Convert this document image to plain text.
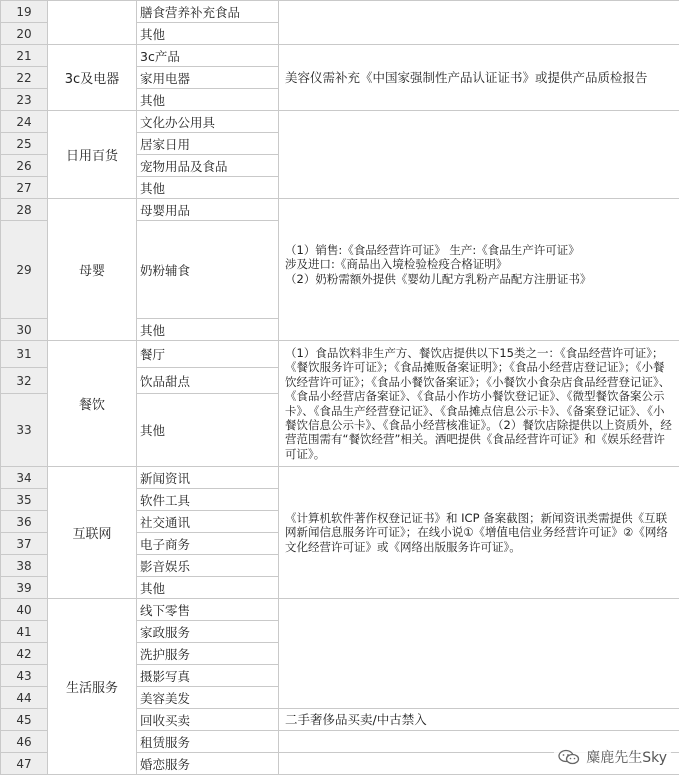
19		膳食营养补充食品	
20		其他	
21	3c及电器	3c产品	美容仪需补充《中国家强制性产品认证证书》或提供产品质检报告
22		家用电器	
23		其他	
24	日用百货	文化办公用具	
25		居家日用	
26		宠物用品及食品	
27		其他	
28	母婴	母婴用品	（1）销售:《食品经营许可证》 生产:《食品生产许可证》
涉及进口:《商品出入境检验检疫合格证明》
（2）奶粉需额外提供《婴幼儿配方乳粉产品配方注册证书》

29		奶粉辅食	
30		其他	
31	餐饮	餐厅	（1）食品饮料非生产方、餐饮店提供以下15类之一：《食品经营许可证》；《餐饮服务许可证》；《食品摊贩备案证明》；《食品小经营店登记证》；《小餐饮经营许可证》；《食品小餐饮备案证》；《小餐饮小食杂店食品经营登记证》、《食品小经营店备案证》、《食品小作坊小餐饮登记证》、《微型餐饮备案公示卡》、《食品生产经营登记证》、《食品摊点信息公示卡》、《备案登记证》、《小餐饮信息公示卡》、《食品小经营核准证》。（2）餐饮店除提供以上资质外，经营范围需有“餐饮经营”相关。酒吧提供《食品经营许可证》和《娱乐经营许可证》。
32		饮品甜点	
33		其他	
34	互联网	新闻资讯	《计算机软件著作权登记证书》和 ICP 备案截图；新闻资讯类需提供《互联网新闻信息服务许可证》；在线小说①《增值电信业务经营许可证》②《网络文化经营许可证》或《网络出版服务许可证》。
35		软件工具	
36		社交通讯	
37		电子商务	
38		影音娱乐	
39		其他	
40	生活服务	线下零售	
41		家政服务	
42		洗护服务	
43		摄影写真	
44		美容美发	
45		回收买卖	二手奢侈品买卖/中古禁入
46		租赁服务	
47		婚恋服务		麋鹿先生Sky
